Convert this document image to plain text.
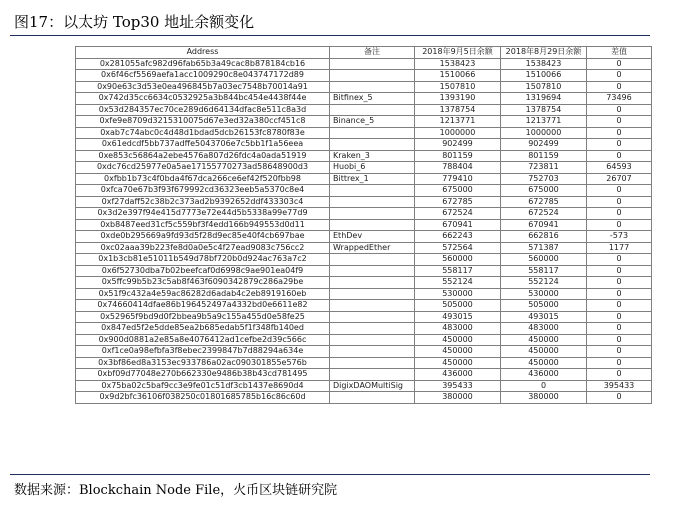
图17：以太坊 Top30 地址余额变化
Address	备注	2018年9月5日余额	2018年8月29日余额	差值
0x281055afc982d96fab65b3a49cac8b878184cb16		1538423	1538423	0
0x6f46cf5569aefa1acc1009290c8e043747172d89		1510066	1510066	0
0x90e63c3d53e0ea496845b7a03ec7548b70014a91		1507810	1507810	0
0x742d35cc6634c0532925a3b844bc454e4438f44e	Bitfinex_5	1393190	1319694	73496
0x53d284357ec70ce289d6d64134dfac8e511c8a3d		1378754	1378754	0
0xfe9e8709d3215310075d67e3ed32a380ccf451c8	Binance_5	1213771	1213771	0
0xab7c74abc0c4d48d1bdad5dcb26153fc8780f83e		1000000	1000000	0
0x61edcdf5bb737adffe5043706e7c5bb1f1a56eea		902499	902499	0
0xe853c56864a2ebe4576a807d26fdc4a0ada51919	Kraken_3	801159	801159	0
0xdc76cd25977e0a5ae17155770273ad58648900d3	Huobi_6	788404	723811	64593
0xfbb1b73c4f0bda4f67dca266ce6ef42f520fbb98	Bittrex_1	779410	752703	26707
0xfca70e67b3f93f679992cd36323eeb5a5370c8e4		675000	675000	0
0xf27daff52c38b2c373ad2b9392652ddf433303c4		672785	672785	0
0x3d2e397f94e415d7773e72e44d5b5338a99e77d9		672524	672524	0
0xb8487eed31cf5c559bf3f4edd166b949553d0d11		670941	670941	0
0xde0b295669a9fd93d5f28d9ec85e40f4cb697bae	EthDev	662243	662816	-573
0xc02aaa39b223fe8d0a0e5c4f27ead9083c756cc2	WrappedEther	572564	571387	1177
0x1b3cb81e51011b549d78bf720b0d924ac763a7c2		560000	560000	0
0x6f52730dba7b02beefcaf0d6998c9ae901ea04f9		558117	558117	0
0x5ffc99b5b23c5ab8f463f6090342879c286a29be		552124	552124	0
0x51f9c432a4e59ac86282d6adab4c2eb8919160eb		530000	530000	0
0x74660414dfae86b196452497a4332bd0e6611e82		505000	505000	0
0x52965f9bd9d0f2bbea9b5a9c155a455d0e58fe25		493015	493015	0
0x847ed5f2e5dde85ea2b685edab5f1f348fb140ed		483000	483000	0
0x900d0881a2e85a8e4076412ad1cefbe2d39c566c		450000	450000	0
0xf1ce0a98efbfa3f8ebec2399847b7d88294a634e		450000	450000	0
0x3bf86ed8a3153ec933786a02ac090301855e576b		450000	450000	0
0xbf09d77048e270b662330e9486b38b43cd781495		436000	436000	0
0x75ba02c5baf9cc3e9fe01c51df3cb1437e8690d4	DigixDAOMultiSig	395433	0	395433
0x9d2bfc36106f038250c01801685785b16c86c60d		380000	380000	0
数据来源：Blockchain Node File，火币区块链研究院
